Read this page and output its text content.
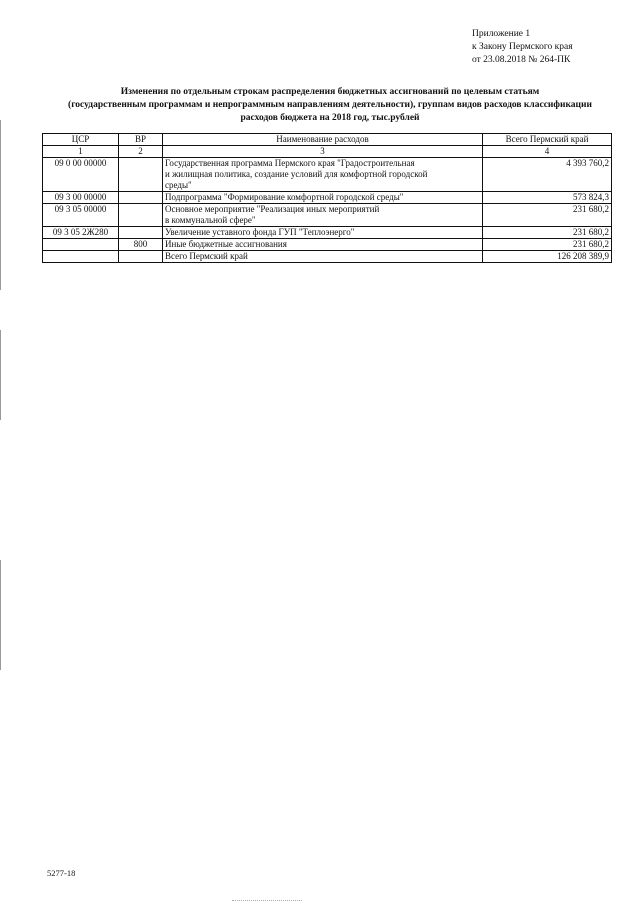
Приложение 1
к Закону Пермского края
от 23.08.2018 № 264-ПК
Изменения по отдельным строкам распределения бюджетных ассигнований по целевым статьям
(государственным программам и непрограммным направлениям деятельности), группам видов расходов классификации
расходов бюджета на 2018 год, тыс.рублей
ЦСР	ВР	Наименование расходов	Всего Пермский край
1	2	3	4
09 0 00 00000		Государственная программа Пермского края "Градостроительная
и жилищная политика, создание условий для комфортной городской
среды"	4 393 760,2
09 3 00 00000		Подпрограмма "Формирование комфортной городской среды"	573 824,3
09 3 05 00000		Основное мероприятие "Реализация иных мероприятий
в коммунальной сфере"	231 680,2
09 3 05 2Ж280		Увеличение уставного фонда ГУП "Теплоэнерго"	231 680,2
	800	Иные бюджетные ассигнования	231 680,2

		Всего Пермский край	126 208 389,9
5277-18
